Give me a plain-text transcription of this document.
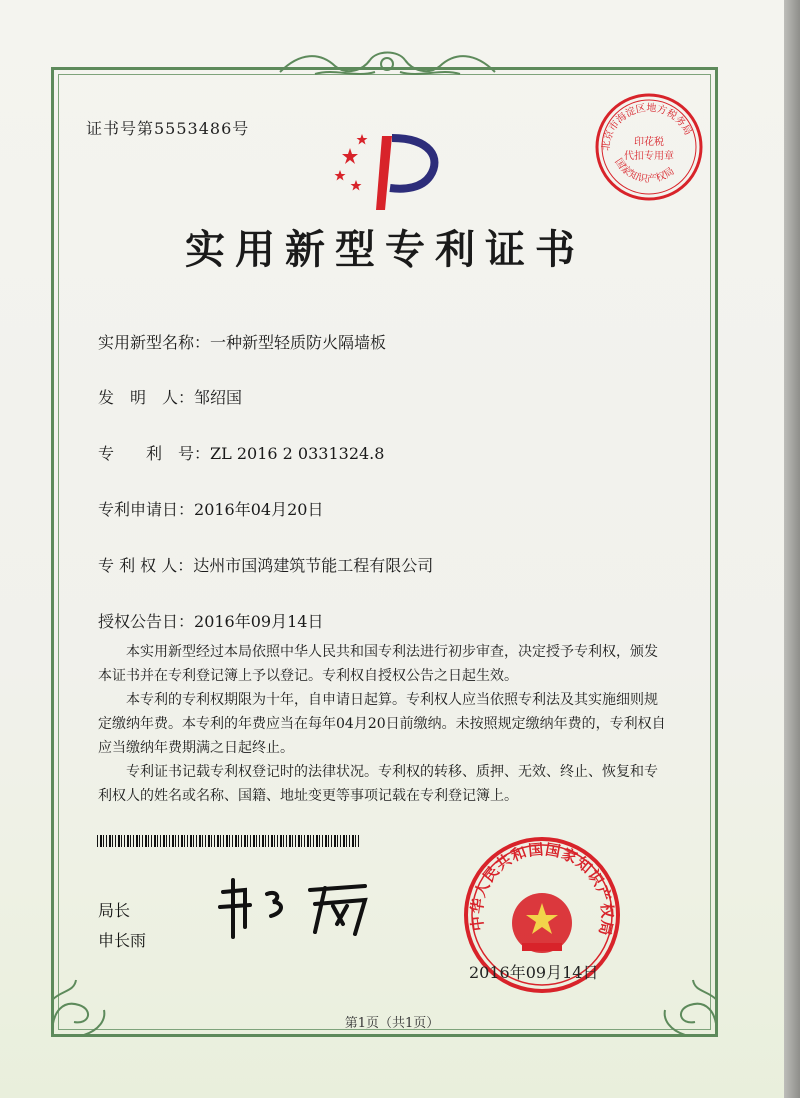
证书号第5553486号
实用新型专利证书
实用新型名称：一种新型轻质防火隔墙板
发　明　人：邹绍国
专　　利　号：ZL 2016 2 0331324.8
专利申请日：2016年04月20日
专 利 权 人：达州市国鸿建筑节能工程有限公司
授权公告日：2016年09月14日

本实用新型经过本局依照中华人民共和国专利法进行初步审查，决定授予专利权，颁发本证书并在专利登记簿上予以登记。专利权自授权公告之日起生效。

本专利的专利权期限为十年，自申请日起算。专利权人应当依照专利法及其实施细则规定缴纳年费。本专利的年费应当在每年04月20日前缴纳。未按照规定缴纳年费的，专利权自应当缴纳年费期满之日起终止。

专利证书记载专利权登记时的法律状况。专利权的转移、质押、无效、终止、恢复和专利权人的姓名或名称、国籍、地址变更等事项记载在专利登记簿上。

局长
申长雨
中华人民共和国国家知识产权局
2016年09月14日
北京市海淀区地方税务局
国家知识产权局
印花税
代扣专用章
第1页（共1页）
